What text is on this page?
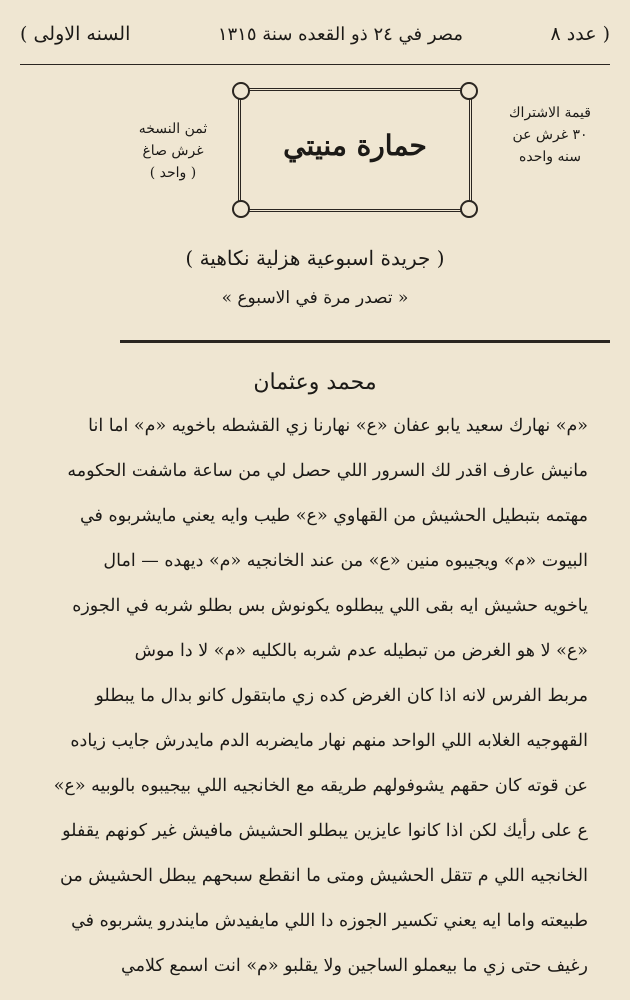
( عدد ٨
مصر في ٢٤ ذو القعده سنة ١٣١٥
السنه الاولى )
قيمة الاشتراك
٣٠ غرش عن
سنه واحده
حمارة منيتي
ثمن النسخه
غرش صاغ
( واحد )
( جريدة اسبوعية هزلية نكاهية )
« تصدر مرة في الاسبوع »
محمد وعثمان
«م» نهارك سعيد يابو عفان «ع» نهارنا زي القشطه باخويه «م» اما انا
مانيش عارف اقدر لك السرور اللي حصل لي من ساعة ماشفت الحكومه
مهتمه بتبطيل الحشيش من القهاوي «ع» طيب وايه يعني مايشربوه في
البيوت «م» ويجيبوه منين «ع» من عند الخانجيه «م» ديهده — امال
ياخويه حشيش ايه بقى اللي يبطلوه يكونوش بس بطلو شربه في الجوزه
«ع» لا هو الغرض من تبطيله عدم شربه بالكليه «م» لا دا موش
مربط الفرس لانه اذا كان الغرض كده زي مابتقول كانو بدال ما يبطلو
القهوجيه الغلابه اللي الواحد منهم نهار مايضربه الدم مايدرش جايب زياده
عن قوته كان حقهم يشوفولهم طريقه مع الخانجيه اللي بيجيبوه بالوبيه «ع»
ع على رأيك لكن اذا كانوا عايزين يبطلو الحشيش مافيش غير كونهم يقفلو
الخانجيه اللي م تتقل الحشيش ومتى ما انقطع سبحهم يبطل الحشيش من
طبيعته واما ايه يعني تكسير الجوزه دا اللي مايفيدش مايندرو يشربوه في
رغيف حتى زي ما بيعملو الساجين ولا يقلبو «م» انت اسمع كلامي
